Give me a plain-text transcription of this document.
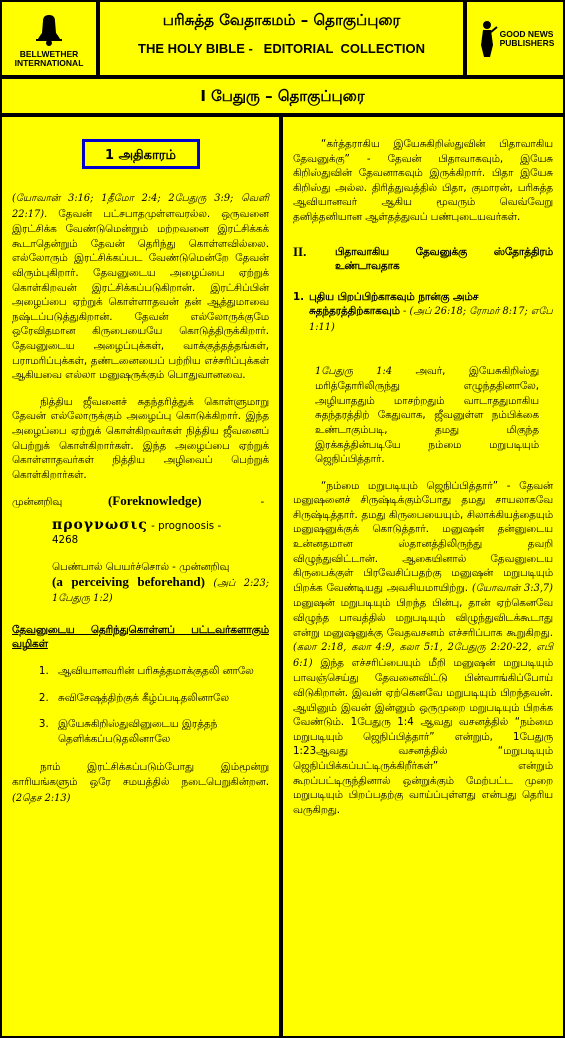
BELLWETHER
INTERNATIONAL
பரிசுத்த வேதாகமம் – தொகுப்புரை
THE HOLY BIBLE -   EDITORIAL  COLLECTION
GOOD NEWS
PUBLISHERS
I பேதுரு – தொகுப்புரை
1 அதிகாரம்

(யோவான் 3:16; 1தீமோ 2:4; 2பேதுரு 3:9; வெளி 22:17). தேவன் பட்சபாதமுள்ளவரல்ல. ஒருவனை இரட்சிக்க வேண்டுமென்றும் மற்றவனை இரட்சிக்கக் கூடாதென்றும் தேவன் தெரிந்து கொள்ளவில்லை. எல்லோரும் இரட்சிக்கப்பட வேண்டுமென்றே தேவன் விரும்புகிறார். தேவனுடைய அழைப்பை ஏற்றுக் கொள்கிறவன் இரட்சிக்கப்படுகிறான். இரட்சிப்பின் அழைப்பை ஏற்றுக் கொள்ளாதவன் தன் ஆத்துமாவை நஷ்டப்படுத்துகிறான். தேவன் எல்லோருக்குமே ஒரேவிதமான கிருபையையே கொடுத்திருக்கிறார். தேவனுடைய அழைப்புக்கள், வாக்குத்தத்தங்கள், பராமரிப்புக்கள், தண்டனையைப் பற்றிய எச்சரிப்புக்கள் ஆகியவை எல்லா மனுஷருக்கும் பொதுவானவை.

நித்திய ஜீவனைச் சுதந்தரித்துக் கொள்ளுமாறு தேவன் எல்லோருக்கும் அழைப்பு கொடுக்கிறார். இந்த அழைப்பை ஏற்றுக் கொள்கிறவர்கள் நித்திய ஜீவனைப் பெற்றுக் கொள்கிறார்கள். இந்த அழைப்பை ஏற்றுக் கொள்ளாதவர்கள் நித்திய அழிவைப் பெற்றுக் கொள்கிறார்கள்.

முன்னறிவு	(Foreknowledge)	-

προγνωσις - prognoosis -
4268

பெண்பால் பெயர்ச்சொல் - முன்னறிவு
(a perceiving beforehand) (அப் 2:23; 1பேதுரு 1:2)

தேவனுடைய தெரிந்துகொள்ளப் பட்டவர்களாகும் வழிகள்

1. ஆவியானவரின் பரிசுத்தமாக்குதலி னாலே
2. சுவிசேஷத்திற்குக் கீழ்ப்படிதலினாலே
3. இயேசுகிறிஸ்துவினுடைய இரத்தந் தெளிக்கப்படுதலினாலே

நாம் இரட்சிக்கப்படும்போது இம்மூன்று காரியங்களும் ஒரே சமயத்தில் நடைபெறுகின்றன. (2தெச 2:13)

“கர்த்தராகிய இயேசுகிறிஸ்துவின் பிதாவாகிய தேவனுக்கு” - தேவன் பிதாவாகவும், இயேசு கிறிஸ்துவின் தேவனாகவும் இருக்கிறார். பிதா இயேசு கிறிஸ்து அல்ல. திரித்துவத்தில் பிதா, குமாரன், பரிசுத்த ஆவியானவர் ஆகிய மூவரும் வெவ்வேறு தனித்தனியான ஆள்தத்துவப் பண்புடையவர்கள்.

II.	பிதாவாகிய தேவனுக்கு ஸ்தோத்திரம் உண்டாவதாக
1. புதிய பிறப்பிற்காகவும் நான்கு அம்ச சுதந்தரத்திற்காகவும் - (அப் 26:18; ரோமர் 8:17; எபே 1:11)

1பேதுரு 1:4 அவர், இயேசுகிறிஸ்து மரித்தோரிலிருந்து எழுந்ததினாலே, அழியாததும் மாசற்றதும் வாடாததுமாகிய சுதந்தரத்திற் கேதுவாக, ஜீவனுள்ள நம்பிக்கை உண்டாகும்படி, தமது மிகுந்த இரக்கத்தின்படியே நம்மை மறுபடியும் ஜெநிப்பித்தார்.

“நம்மை மறுபடியும் ஜெநிப்பித்தார்” - தேவன் மனுஷனைச் சிருஷ்டிக்கும்போது தமது சாயலாகவே சிருஷ்டித்தார். தமது கிருபையையும், சிலாக்கியத்தையும் மனுஷனுக்குக் கொடுத்தார். மனுஷன் தன்னுடைய உன்னதமான ஸ்தானத்திலிருந்து தவறி விழுந்துவிட்டான். ஆகையினால் தேவனுடைய கிருபைக்குள் பிரவேசிப்பதற்கு மனுஷன் மறுபடியும் பிறக்க வேண்டியது அவசியமாயிற்று. (யோவான் 3:3,7) மனுஷன் மறுபடியும் பிறந்த பின்பு, தான் ஏற்கெனவே விழுந்த பாவத்தில் மறுபடியும் விழுந்துவிடக்கூடாது என்று மனுஷனுக்கு வேதவசனம் எச்சரிப்பாக கூறுகிறது. (கலா 2:18, கலா 4:9, கலா 5:1, 2பேதுரு 2:20-22, எபி 6:1) இந்த எச்சரிப்பையும் மீறி மனுஷன் மறுபடியும் பாவஞ்செய்து தேவனைவிட்டு பின்வாங்கிப்போய் விடுகிறான். இவன் ஏற்கெனவே மறுபடியும் பிறந்தவன். ஆயினும் இவன் இன்னும் ஒருமுறை மறுபடியும் பிறக்க வேண்டும். 1பேதுரு 1:4 ஆவது வசனத்தில் “நம்மை மறுபடியும் ஜெநிப்பித்தார்” என்றும், 1பேதுரு 1:23ஆவது வசனத்தில் “மறுபடியும் ஜெநிப்பிக்கப்பட்டிருக்கிறீர்கள்” என்றும் கூறப்பட்டிருந்தினால் ஒன்றுக்கும் மேற்பட்ட முறை மறுபடியும் பிறப்பதற்கு வாய்ப்புள்ளது என்பது தெரிய வருகிறது.
